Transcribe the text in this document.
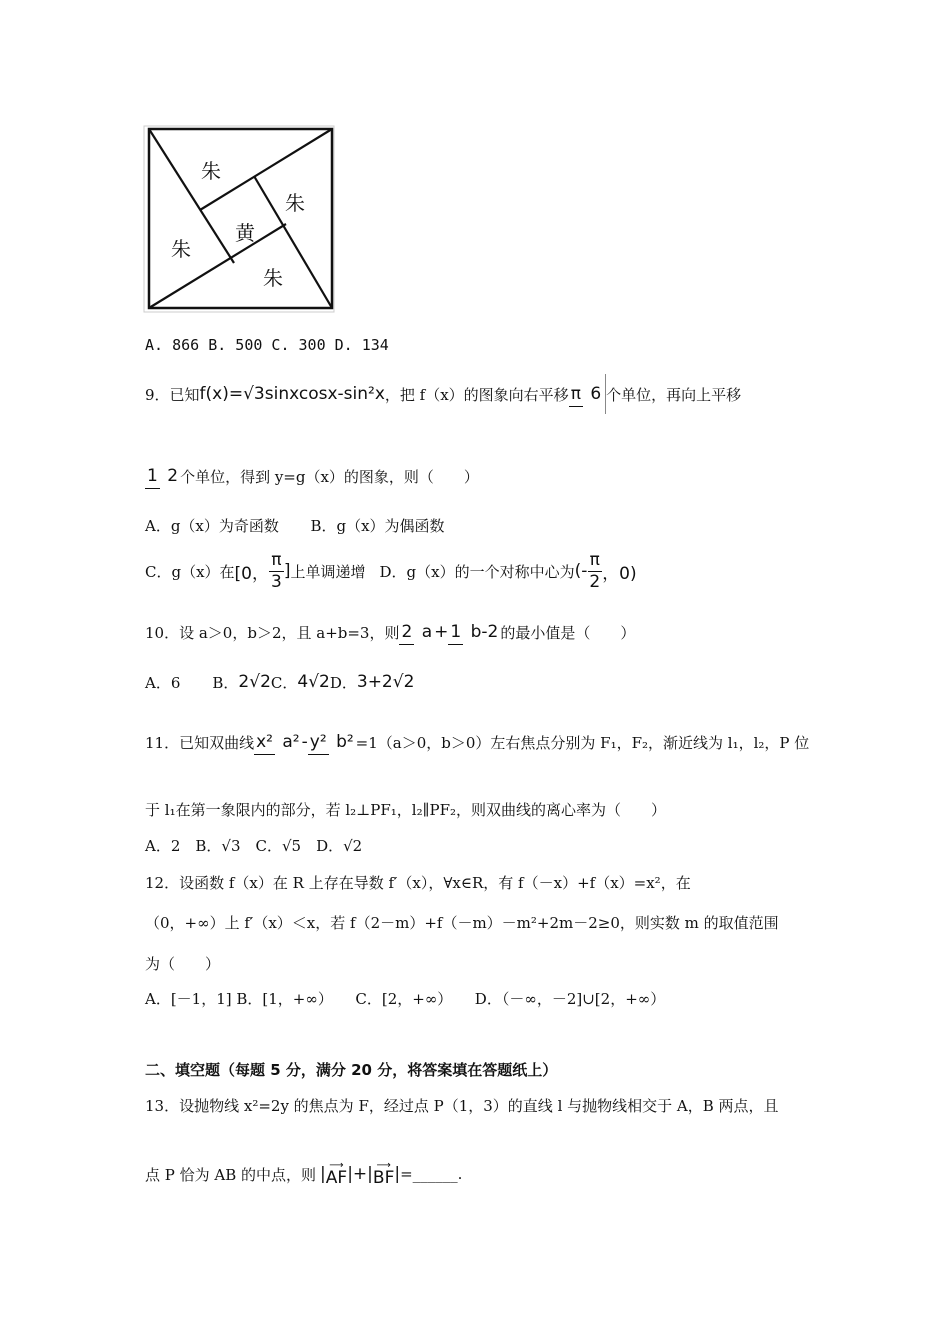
朱
朱
黄
朱
朱
A. 866 B. 500 C. 300 D. 134
9．已知 f(x)=√3sinxcosx-sin²x ，把 f（x）的图象向右平移 π 6 个单位，再向上平移
1 2 个单位，得到 y=g（x）的图象，则（　　）
A．g（x）为奇函数 B．g（x）为偶函数
C．g（x）在 [0， $\frac{\pi}{3}$ ] 上单调递增 D．g（x）的一个对称中心为 (- $\frac{\pi}{2}$ ，0)
10．设 a＞0，b＞2，且 a+b=3，则 2 a + 1 b-2 的最小值是（　　）
A．6 B． 2√2 C． 4√2 D． 3+2√2
11．已知双曲线 x² a² - y² b² =1（a＞0，b＞0）左右焦点分别为 F₁，F₂，渐近线为 l₁，l₂，P 位
于 l₁在第一象限内的部分，若 l₂⊥PF₁，l₂∥PF₂，则双曲线的离心率为（　　）
A．2　B．√3　C．√5　D．√2
12．设函数 f（x）在 R 上存在导数 f′（x），∀x∈R，有 f（－x）+f（x）=x²，在
（0，+∞）上 f′（x）＜x，若 f（2－m）+f（－m）－m²+2m－2≥0，则实数 m 的取值范围
为（　　）
A．[－1，1] B．[1，+∞）　　C．[2，+∞）　　D．（－∞，－2]∪[2，+∞）
二、填空题（每题 5 分，满分 20 分，将答案填在答题纸上）
13．设抛物线 x²=2y 的焦点为 F，经过点 P（1，3）的直线 l 与抛物线相交于 A，B 两点，且
点 P 恰为 AB 的中点，则 | ⟶
AF | + | ⟶
BF | =______.
